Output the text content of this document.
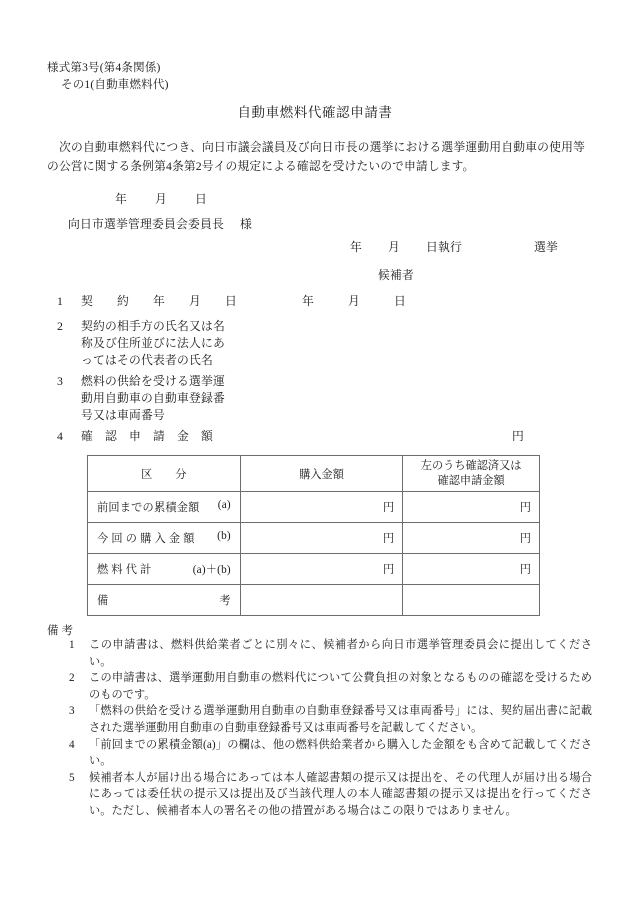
様式第3号(第4条関係)
その1(自動車燃料代)
自動車燃料代確認申請書
次の自動車燃料代につき、向日市議会議員及び向日市長の選挙における選挙運動用自動車の使用等の公営に関する条例第4条第2号イの規定による確認を受けたいので申請します。
年 月 日
向日市選挙管理委員会委員長 様
年 月 日執行	選挙
候補者
1	契　　約　　年　　月　　日	年	月	日
2	契約の相手方の氏名又は名
称及び住所並びに法人にあ
ってはその代表者の氏名
3	燃料の供給を受ける選挙運
動用自動車の自動車登録番
号又は車両番号
4	確　認　申　請　金　額	円
区　　分	購入金額	左のうち確認済又は
確認申請金額

前回までの累積金額 (a)	円	円

今 回 の 購 入 金 額 (b)	円	円

燃 料 代 計 (a)＋(b)	円	円

備 考		

備考
1 この申請書は、燃料供給業者ごとに別々に、候補者から向日市選挙管理委員会に提出してください。
2 この申請書は、選挙運動用自動車の燃料代について公費負担の対象となるものの確認を受けるためのものです。
3 「燃料の供給を受ける選挙運動用自動車の自動車登録番号又は車両番号」には、契約届出書に記載された選挙運動用自動車の自動車登録番号又は車両番号を記載してください。
4 「前回までの累積金額(a)」の欄は、他の燃料供給業者から購入した金額をも含めて記載してください。
5 候補者本人が届け出る場合にあっては本人確認書類の提示又は提出を、その代理人が届け出る場合にあっては委任状の提示又は提出及び当該代理人の本人確認書類の提示又は提出を行ってください。ただし、候補者本人の署名その他の措置がある場合はこの限りではありません。
